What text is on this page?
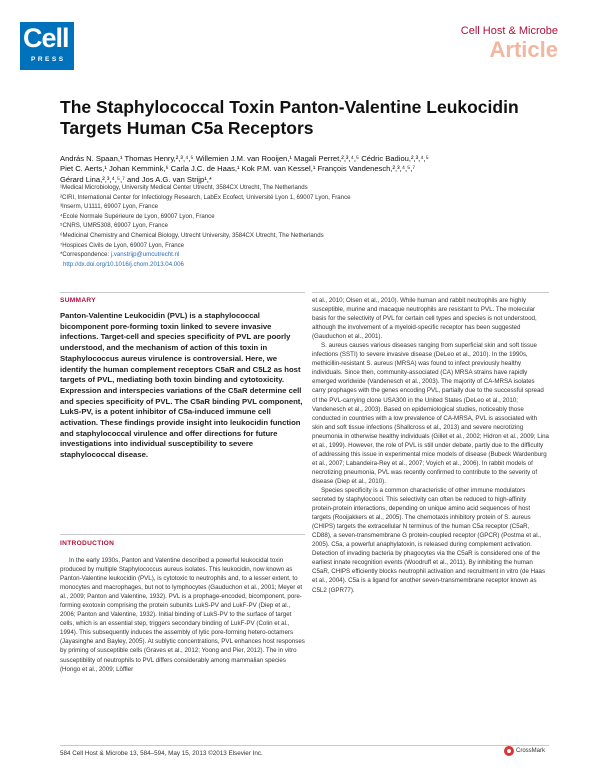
Cell
PRESS
Cell Host & Microbe
Article
The Staphylococcal Toxin Panton-Valentine Leukocidin Targets Human C5a Receptors
András N. Spaan,¹ Thomas Henry,²,³,⁴,⁵ Willemien J.M. van Rooijen,¹ Magali Perret,²,³,⁴,⁵ Cédric Badiou,²,³,⁴,⁵
Piet C. Aerts,¹ Johan Kemmink,⁶ Carla J.C. de Haas,¹ Kok P.M. van Kessel,¹ François Vandenesch,²,³,⁴,⁵,⁷
Gérard Lina,²,³,⁴,⁵,⁷ and Jos A.G. van Strijp¹,*
¹Medical Microbiology, University Medical Center Utrecht, 3584CX Utrecht, The Netherlands
²CIRI, International Center for Infectiology Research, LabEx Ecofect, Université Lyon 1, 69007 Lyon, France
³Inserm, U1111, 69007 Lyon, France
⁴Ecole Normale Supérieure de Lyon, 69007 Lyon, France
⁵CNRS, UMR5308, 69007 Lyon, France
⁶Medicinal Chemistry and Chemical Biology, Utrecht University, 3584CX Utrecht, The Netherlands
⁷Hospices Civils de Lyon, 69007 Lyon, France
*Correspondence: j.vanstrijp@umcutrecht.nl
http://dx.doi.org/10.1016/j.chom.2013.04.006
SUMMARY

Panton-Valentine Leukocidin (PVL) is a staphylococcal bicomponent pore-forming toxin linked to severe invasive infections. Target-cell and species specificity of PVL are poorly understood, and the mechanism of action of this toxin in Staphylococcus aureus virulence is controversial. Here, we identify the human complement receptors C5aR and C5L2 as host targets of PVL, mediating both toxin binding and cytotoxicity. Expression and interspecies variations of the C5aR determine cell and species specificity of PVL. The C5aR binding PVL component, LukS-PV, is a potent inhibitor of C5a-induced immune cell activation. These findings provide insight into leukocidin function and staphylococcal virulence and offer directions for future investigations into individual susceptibility to severe staphylococcal disease.

INTRODUCTION

In the early 1930s, Panton and Valentine described a powerful leukocidal toxin produced by multiple Staphylococcus aureus isolates. This leukocidin, now known as Panton-Valentine leukocidin (PVL), is cytotoxic to neutrophils and, to a lesser extent, to monocytes and macrophages, but not to lymphocytes (Gauduchon et al., 2001; Meyer et al., 2009; Panton and Valentine, 1932). PVL is a prophage-encoded, bicomponent, pore-forming exotoxin comprising the protein subunits LukS-PV and LukF-PV (Diep et al., 2006; Panton and Valentine, 1932). Initial binding of LukS-PV to the surface of target cells, which is an essential step, triggers secondary binding of LukF-PV (Colin et al., 1994). This subsequently induces the assembly of lytic pore-forming hetero-octamers (Jayasinghe and Bayley, 2005). At sublytic concentrations, PVL enhances host responses by priming of susceptible cells (Graves et al., 2012; Yoong and Pier, 2012). The in vitro susceptibility of neutrophils to PVL differs considerably among mammalian species (Hongo et al., 2009; Löffler

et al., 2010; Olsen et al., 2010). While human and rabbit neutrophils are highly susceptible, murine and macaque neutrophils are resistant to PVL. The molecular basis for the selectivity of PVL for certain cell types and species is not understood, although the involvement of a myeloid-specific receptor has been suggested (Gauduchon et al., 2001).

S. aureus causes various diseases ranging from superficial skin and soft tissue infections (SSTI) to severe invasive disease (DeLeo et al., 2010). In the 1990s, methicillin-resistant S. aureus (MRSA) was found to infect previously healthy individuals. Since then, community-associated (CA) MRSA strains have rapidly emerged worldwide (Vandenesch et al., 2003). The majority of CA-MRSA isolates carry prophages with the genes encoding PVL, partially due to the successful spread of the PVL-carrying clone USA300 in the United States (DeLeo et al., 2010; Vandenesch et al., 2003). Based on epidemiological studies, noticeably those conducted in countries with a low prevalence of CA-MRSA, PVL is associated with skin and soft tissue infections (Shallcross et al., 2013) and severe necrotizing pneumonia in otherwise healthy individuals (Gillet et al., 2002; Hidron et al., 2009; Lina et al., 1999). However, the role of PVL is still under debate, partly due to the difficulty of addressing this issue in experimental mice models of disease (Bubeck Wardenburg et al., 2007; Labandeira-Rey et al., 2007; Voyich et al., 2006). In rabbit models of necrotizing pneumonia, PVL was recently confirmed to contribute to the severity of disease (Diep et al., 2010).

Species specificity is a common characteristic of other immune modulators secreted by staphylococci. This selectivity can often be reduced to high-affinity protein-protein interactions, depending on unique amino acid sequences of host targets (Rooijakkers et al., 2005). The chemotaxis inhibitory protein of S. aureus (CHIPS) targets the extracellular N terminus of the human C5a receptor (C5aR, CD88), a seven-transmembrane G protein-coupled receptor (GPCR) (Postma et al., 2005). C5a, a powerful anaphylatoxin, is released during complement activation. Detection of invading bacteria by phagocytes via the C5aR is considered one of the earliest innate recognition events (Woodruff et al., 2011). By inhibiting the human C5aR, CHIPS efficiently blocks neutrophil activation and recruitment in vitro (de Haas et al., 2004). C5a is a ligand for another seven-transmembrane receptor known as C5L2 (GPR77).

584 Cell Host & Microbe 13, 584–594, May 15, 2013 ©2013 Elsevier Inc.	CrossMark
